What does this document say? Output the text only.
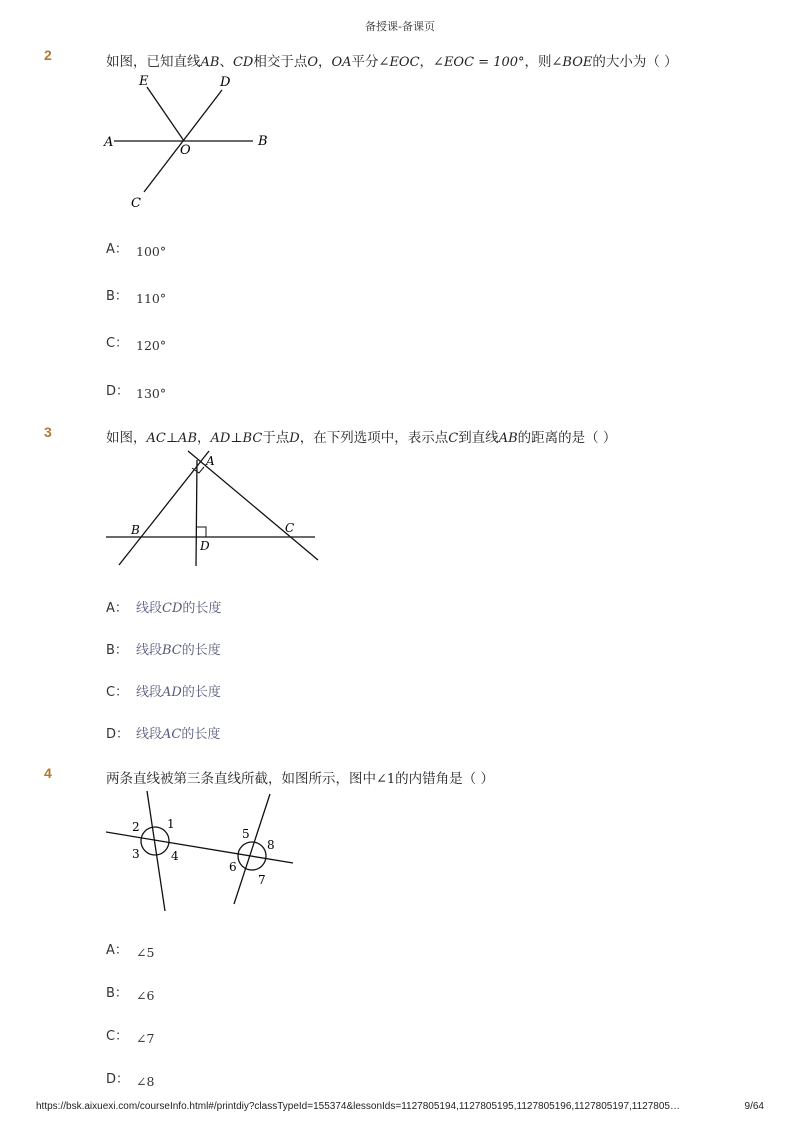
备授课-备课页
2	如图，已知直线AB、CD相交于点O，OA平分∠EOC，∠EOC = 100°，则∠BOE的大小为（ ）
E	D
A
O
B
C
A： 100°
B： 110°
C： 120°
D： 130°
3	如图，AC⊥AB，AD⊥BC于点D，在下列选项中，表示点C到直线AB的距离的是（ ）
A
B	C
D
A： 线段CD的长度
B： 线段BC的长度
C： 线段AD的长度
D： 线段AC的长度
4	两条直线被第三条直线所截，如图所示，图中∠1的内错角是（ ）
1
2
3	4
5
6
7
8
A： ∠5
B： ∠6
C： ∠7
D： ∠8
https://bsk.aixuexi.com/courseInfo.html#/printdiy?classTypeId=155374&lessonIds=1127805194,1127805195,1127805196,1127805197,1127805…	9/64
